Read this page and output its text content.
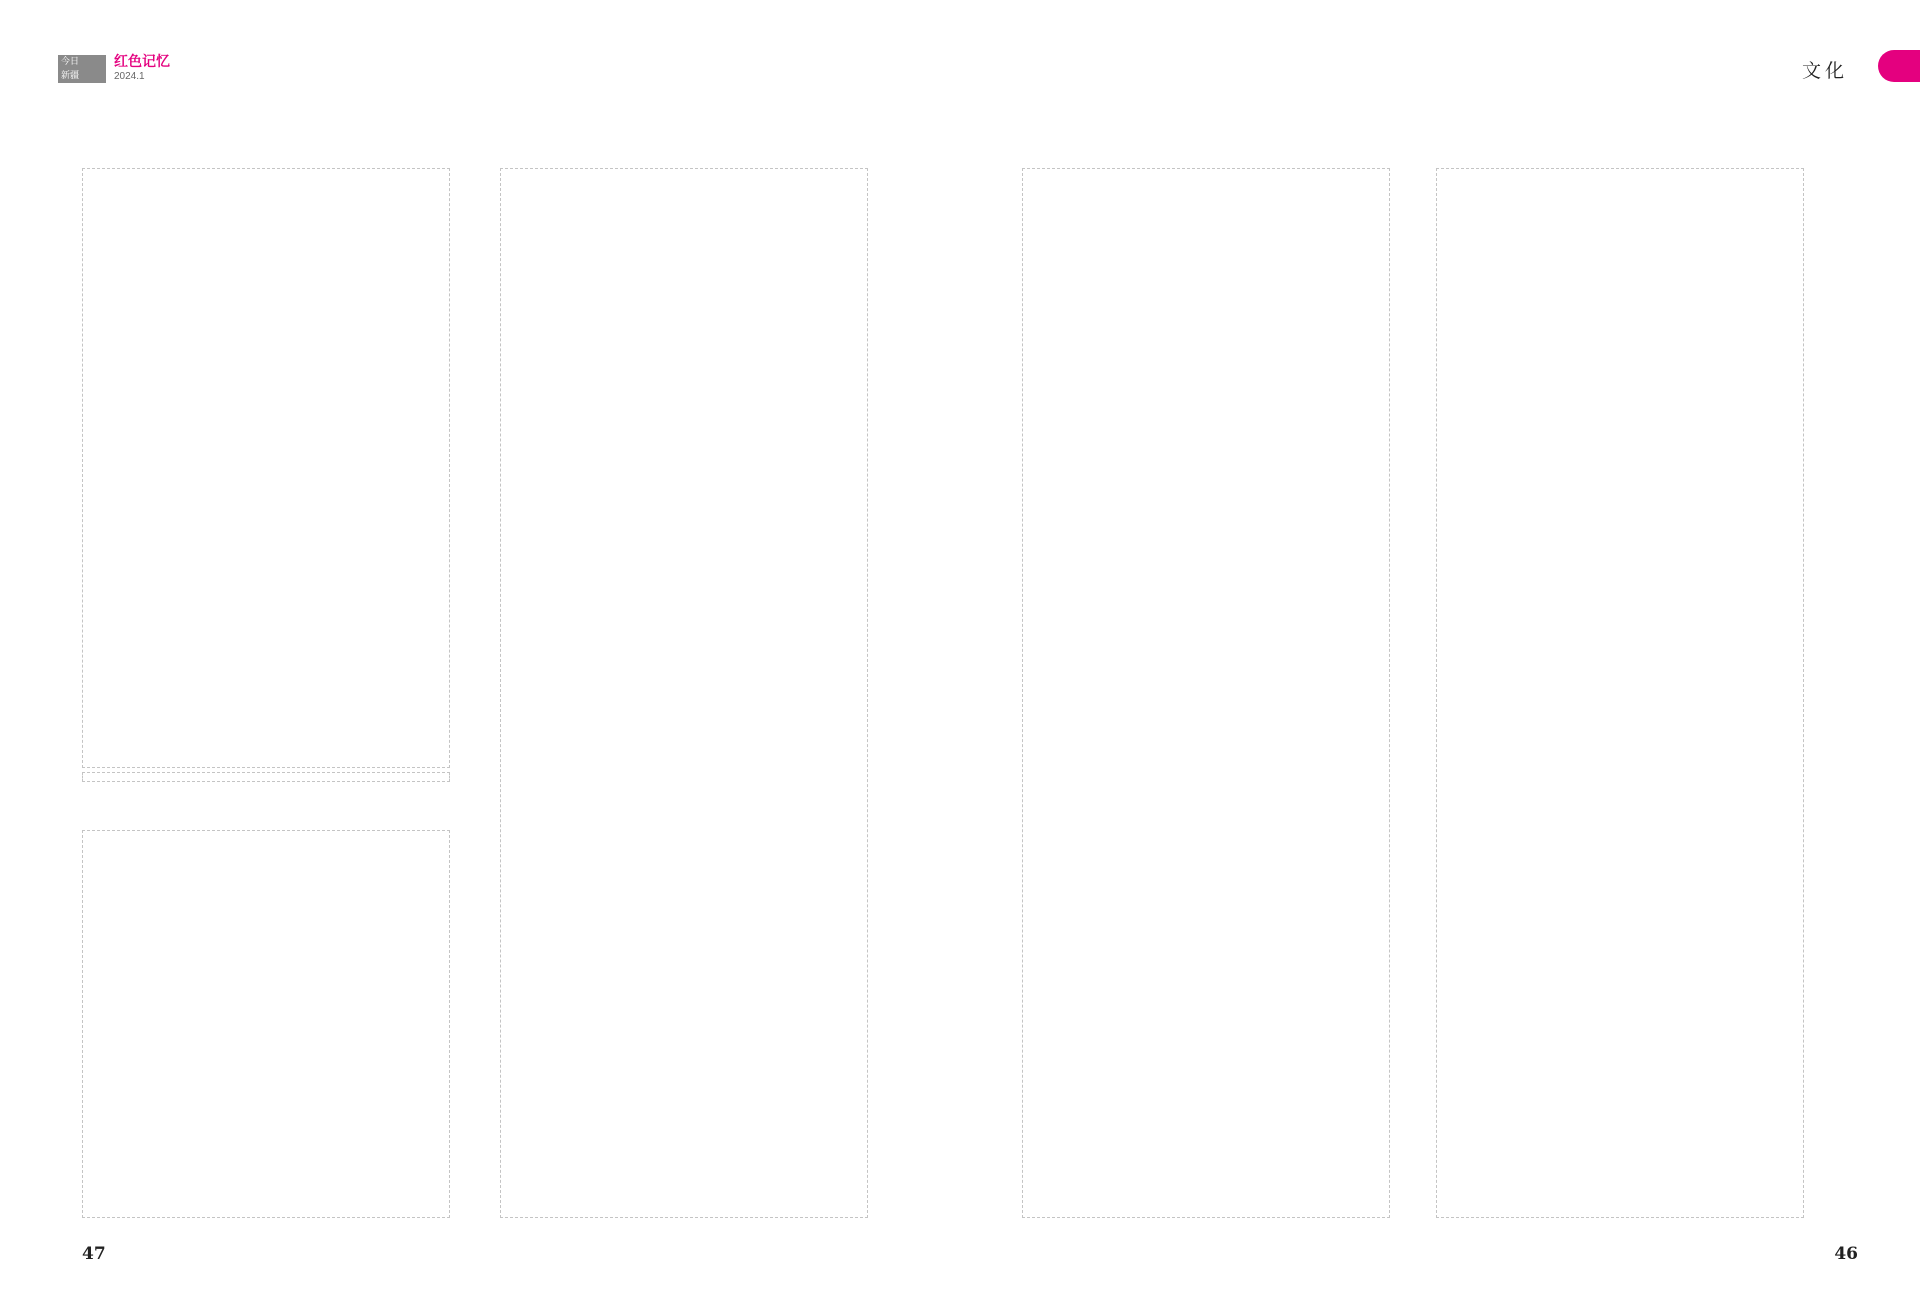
今日
新疆
红色记忆
2024.1
47
文化
46
